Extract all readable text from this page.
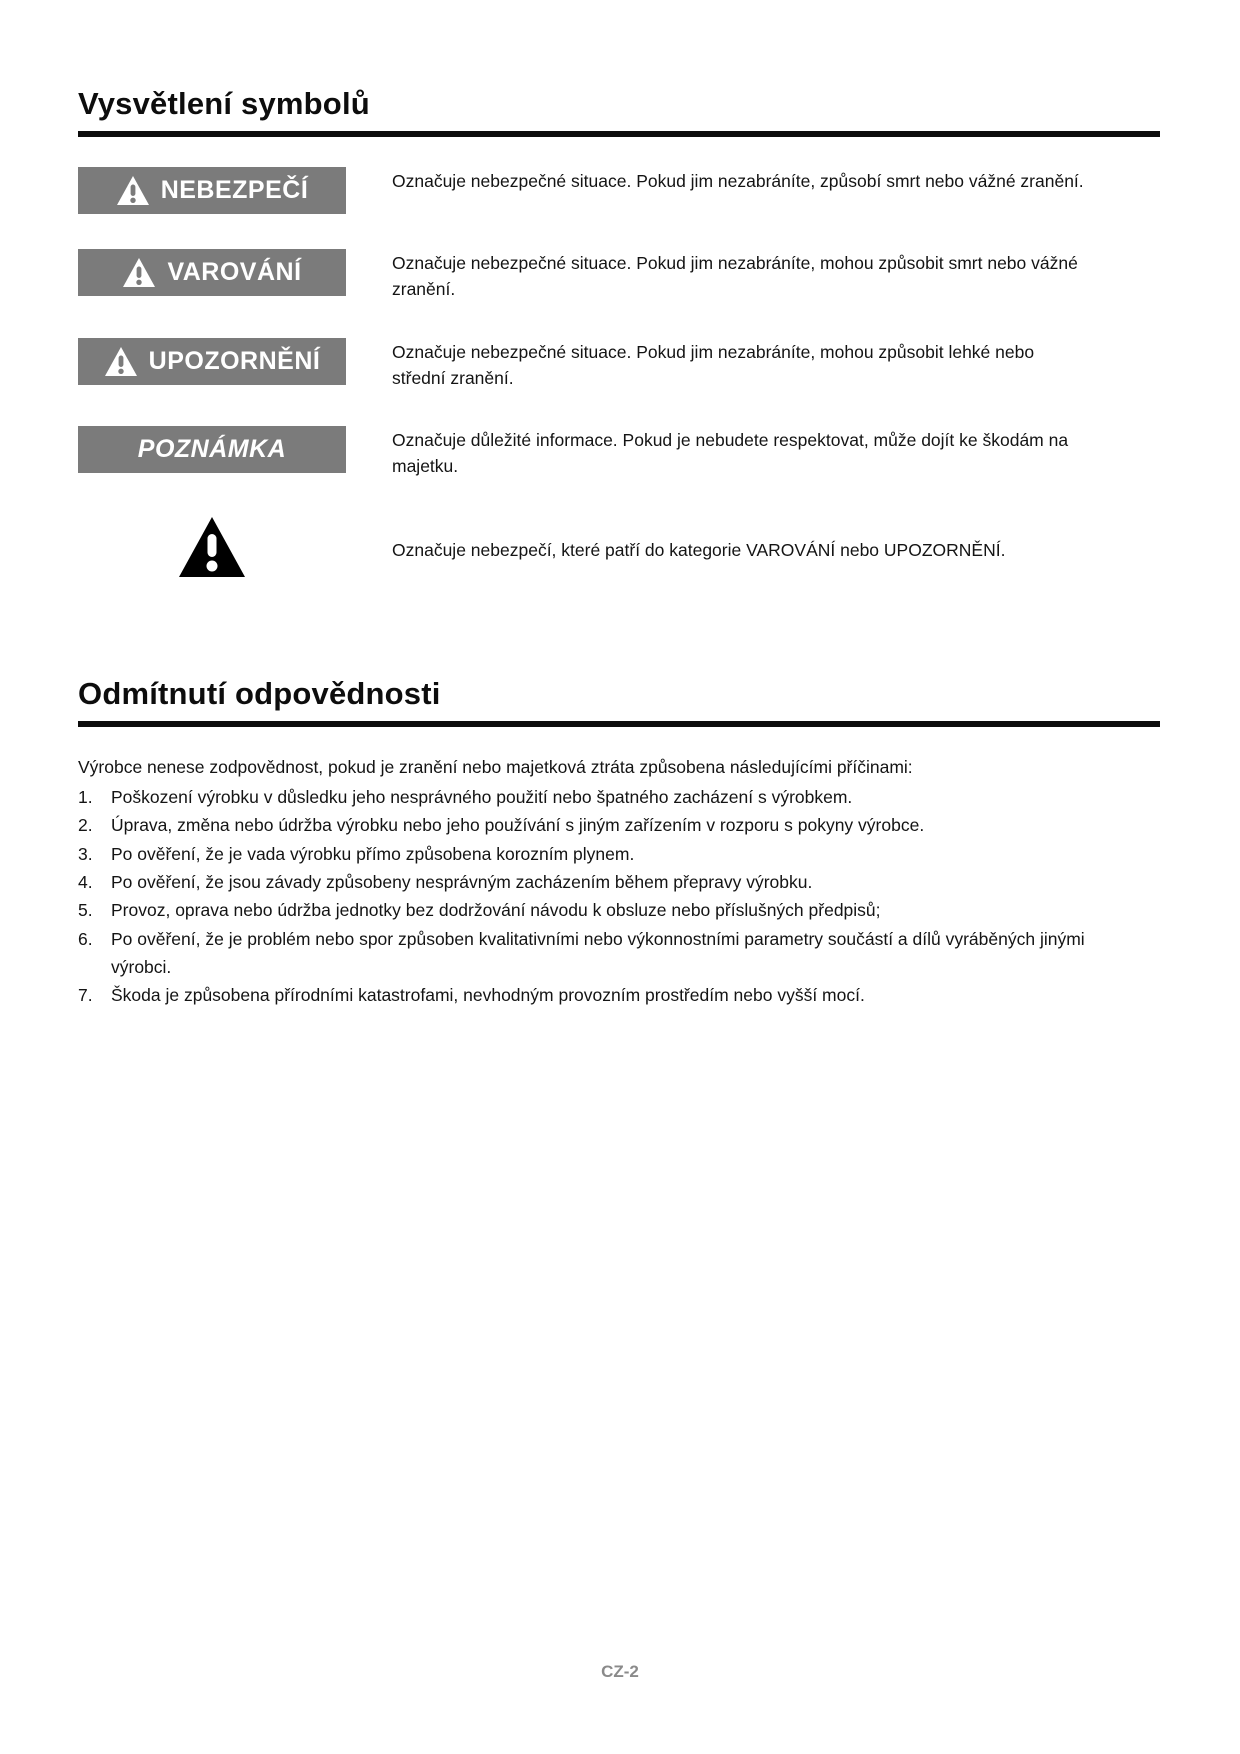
Vysvětlení symbolů
NEBEZPEČÍ	Označuje nebezpečné situace. Pokud jim nezabráníte, způsobí smrt nebo vážné zranění.
VAROVÁNÍ	Označuje nebezpečné situace. Pokud jim nezabráníte, mohou způsobit smrt nebo vážné zranění.
UPOZORNĚNÍ	Označuje nebezpečné situace. Pokud jim nezabráníte, mohou způsobit lehké nebo střední zranění.
POZNÁMKA	Označuje důležité informace. Pokud je nebudete respektovat, může dojít ke škodám na majetku.
Označuje nebezpečí, které patří do kategorie VAROVÁNÍ nebo UPOZORNĚNÍ.
Odmítnutí odpovědnosti

Výrobce nenese zodpovědnost, pokud je zranění nebo majetková ztráta způsobena následujícími příčinami:

1.	Poškození výrobku v důsledku jeho nesprávného použití nebo špatného zacházení s výrobkem.
2.	Úprava, změna nebo údržba výrobku nebo jeho používání s jiným zařízením v rozporu s pokyny výrobce.
3.	Po ověření, že je vada výrobku přímo způsobena korozním plynem.
4.	Po ověření, že jsou závady způsobeny nesprávným zacházením během přepravy výrobku.
5.	Provoz, oprava nebo údržba jednotky bez dodržování návodu k obsluze nebo příslušných předpisů;
6.	Po ověření, že je problém nebo spor způsoben kvalitativními nebo výkonnostními parametry součástí a dílů vyráběných jinými výrobci.
7.	Škoda je způsobena přírodními katastrofami, nevhodným provozním prostředím nebo vyšší mocí.
CZ-2
